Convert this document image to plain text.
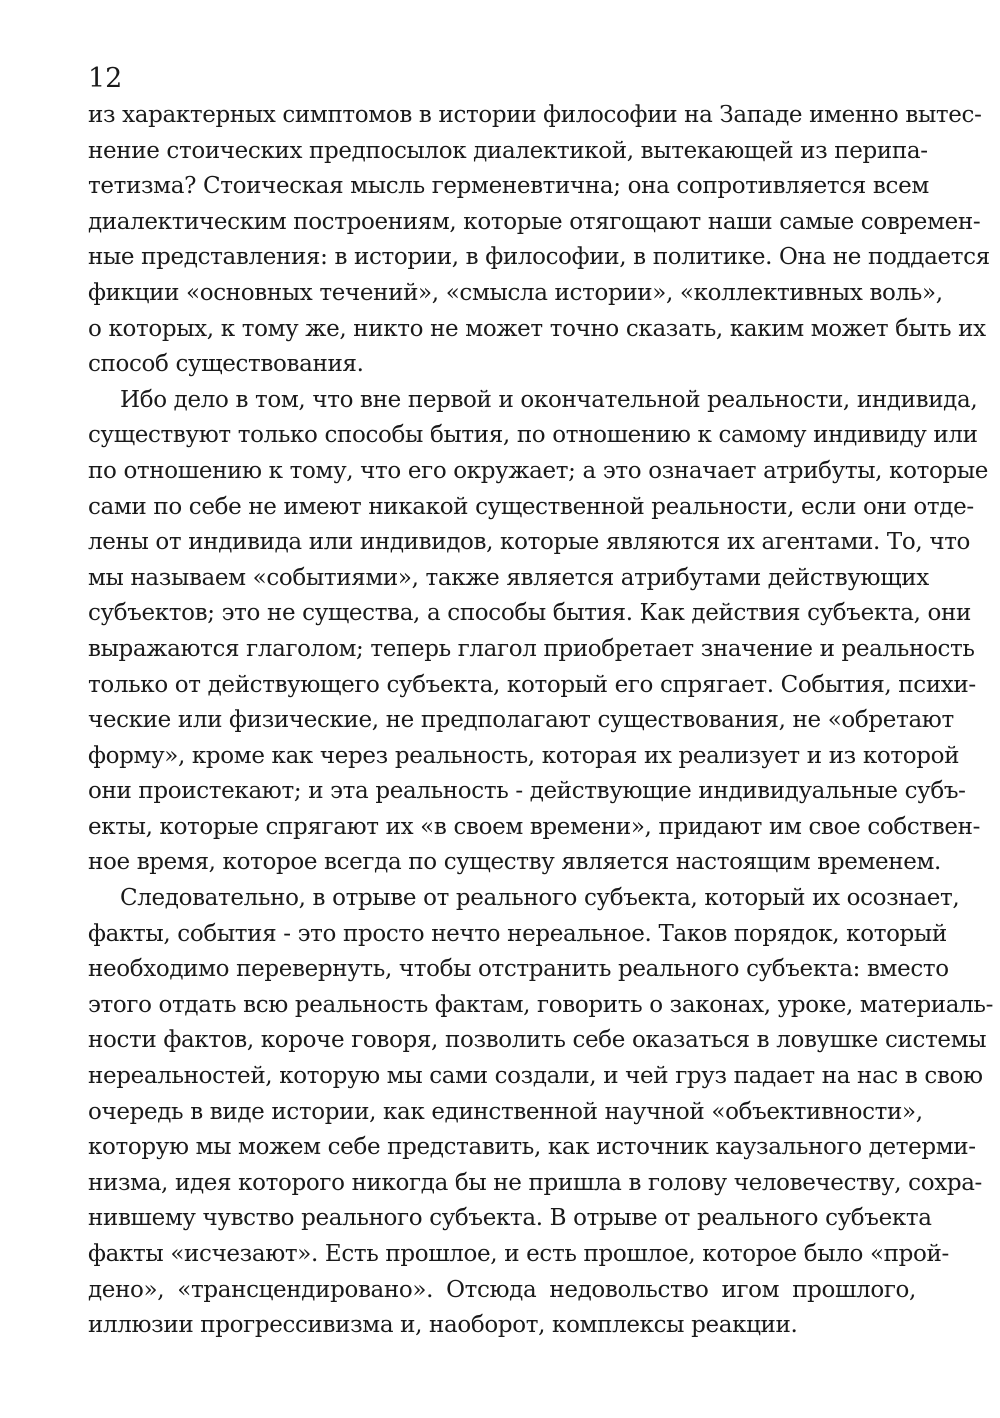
12
из характерных симптомов в истории философии на Западе именно вытес-
нение стоических предпосылок диалектикой, вытекающей из перипа-
тетизма? Стоическая мысль герменевтична; она сопротивляется всем
диалектическим построениям, которые отягощают наши самые современ-
ные представления: в истории, в философии, в политике. Она не поддается
фикции «основных течений», «смысла истории», «коллективных воль»,
о которых, к тому же, никто не может точно сказать, каким может быть их
способ существования.
Ибо дело в том, что вне первой и окончательной реальности, индивида,
существуют только способы бытия, по отношению к самому индивиду или
по отношению к тому, что его окружает; а это означает атрибуты, которые
сами по себе не имеют никакой существенной реальности, если они отде-
лены от индивида или индивидов, которые являются их агентами. То, что
мы называем «событиями», также является атрибутами действующих
субъектов; это не существа, а способы бытия. Как действия субъекта, они
выражаются глаголом; теперь глагол приобретает значение и реальность
только от действующего субъекта, который его спрягает. События, психи-
ческие или физические, не предполагают существования, не «обретают
форму», кроме как через реальность, которая их реализует и из которой
они проистекают; и эта реальность - действующие индивидуальные субъ-
екты, которые спрягают их «в своем времени», придают им свое собствен-
ное время, которое всегда по существу является настоящим временем.
Следовательно, в отрыве от реального субъекта, который их осознает,
факты, события - это просто нечто нереальное. Таков порядок, который
необходимо перевернуть, чтобы отстранить реального субъекта: вместо
этого отдать всю реальность фактам, говорить о законах, уроке, материаль-
ности фактов, короче говоря, позволить себе оказаться в ловушке системы
нереальностей, которую мы сами создали, и чей груз падает на нас в свою
очередь в виде истории, как единственной научной «объективности»,
которую мы можем себе представить, как источник каузального детерми-
низма, идея которого никогда бы не пришла в голову человечеству, сохра-
нившему чувство реального субъекта. В отрыве от реального субъекта
факты «исчезают». Есть прошлое, и есть прошлое, которое было «прой-
дено», «трансцендировано». Отсюда недовольство игом прошлого,
иллюзии прогрессивизма и, наоборот, комплексы реакции.
